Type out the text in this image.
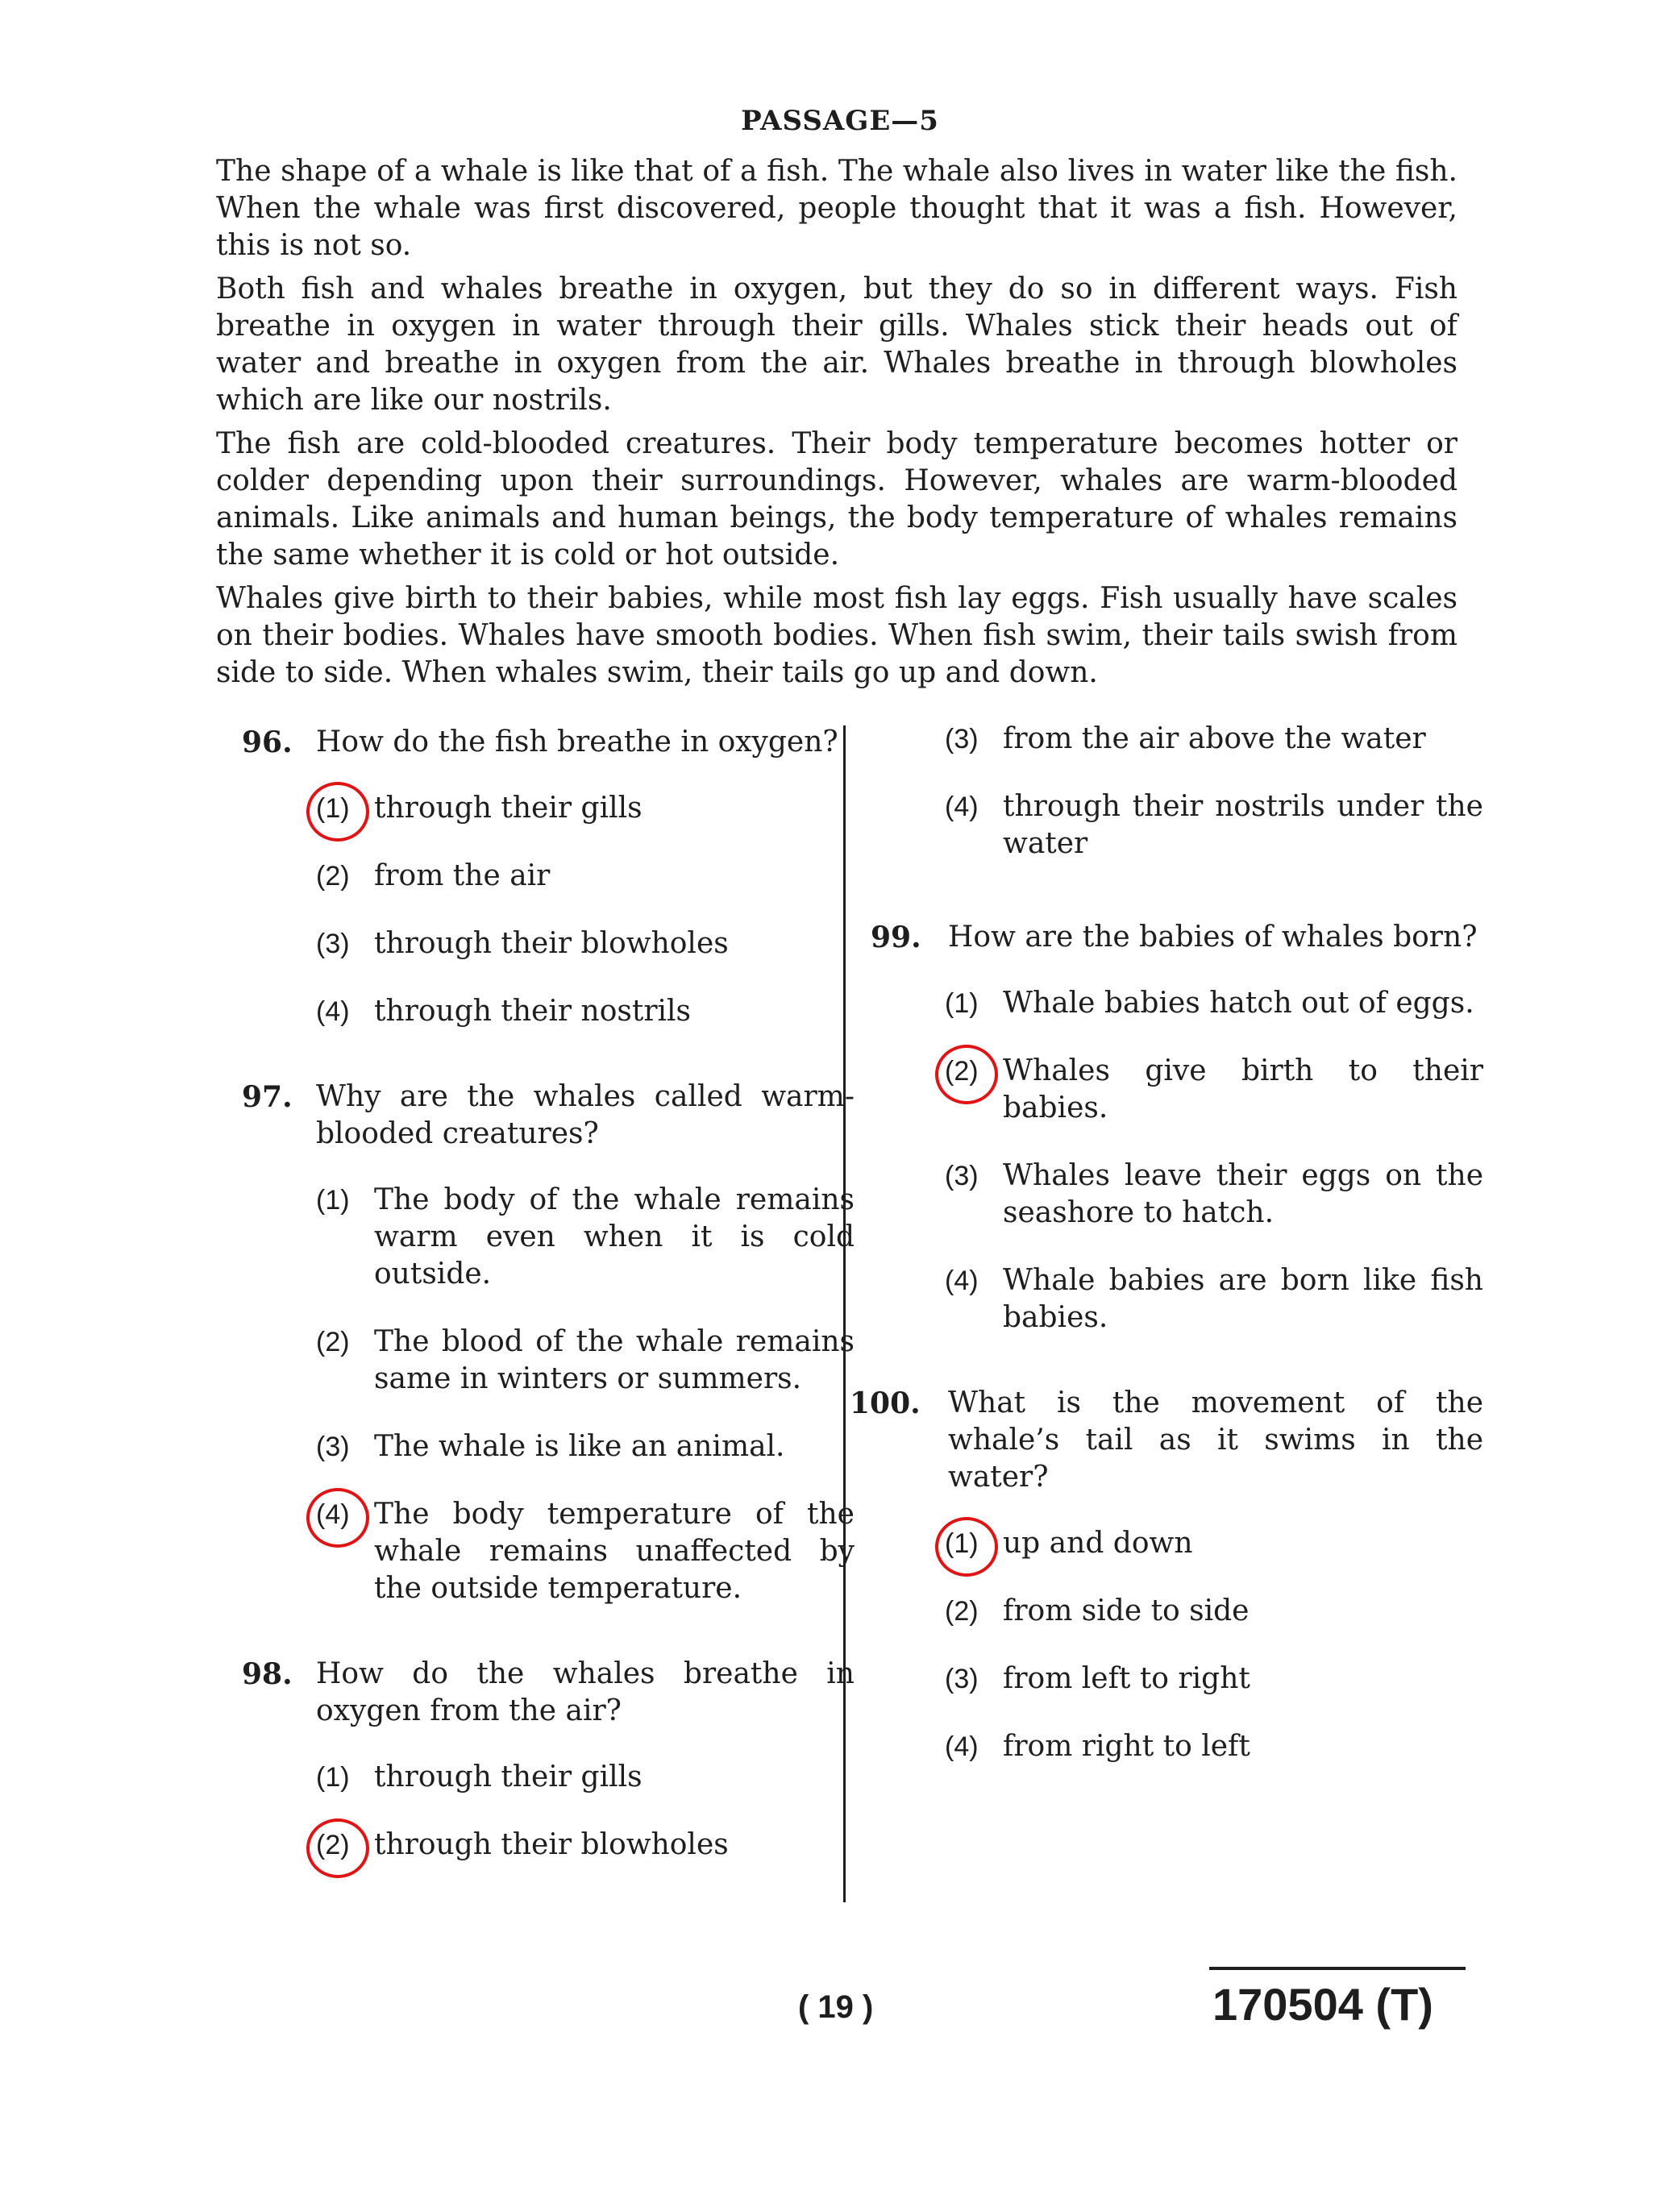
PASSAGE—5

The shape of a whale is like that of a fish. The whale also lives in water like the fish. When the whale was first discovered, people thought that it was a fish. However, this is not so.

Both fish and whales breathe in oxygen, but they do so in different ways. Fish breathe in oxygen in water through their gills. Whales stick their heads out of water and breathe in oxygen from the air. Whales breathe in through blowholes which are like our nostrils.

The fish are cold-blooded creatures. Their body temperature becomes hotter or colder depending upon their surroundings. However, whales are warm-blooded animals. Like animals and human beings, the body temperature of whales remains the same whether it is cold or hot outside.

Whales give birth to their babies, while most fish lay eggs. Fish usually have scales on their bodies. Whales have smooth bodies. When fish swim, their tails swish from side to side. When whales swim, their tails go up and down.

96. How do the fish breathe in oxygen?
(1) through their gills
(2) from the air
(3) through their blowholes
(4) through their nostrils
97. Why are the whales called warm-blooded creatures?
(1) The body of the whale remains warm even when it is cold outside.
(2) The blood of the whale remains same in winters or summers.
(3) The whale is like an animal.
(4) The body temperature of the whale remains unaffected by the outside temperature.
98. How do the whales breathe in oxygen from the air?
(1) through their gills
(2) through their blowholes
(3) from the air above the water
(4) through their nostrils under the water
99. How are the babies of whales born?
(1) Whale babies hatch out of eggs.
(2) Whales give birth to their babies.
(3) Whales leave their eggs on the seashore to hatch.
(4) Whale babies are born like fish babies.
100. What is the movement of the whale’s tail as it swims in the water?
(1) up and down
(2) from side to side
(3) from left to right
(4) from right to left
( 19 )	170504 (T)
